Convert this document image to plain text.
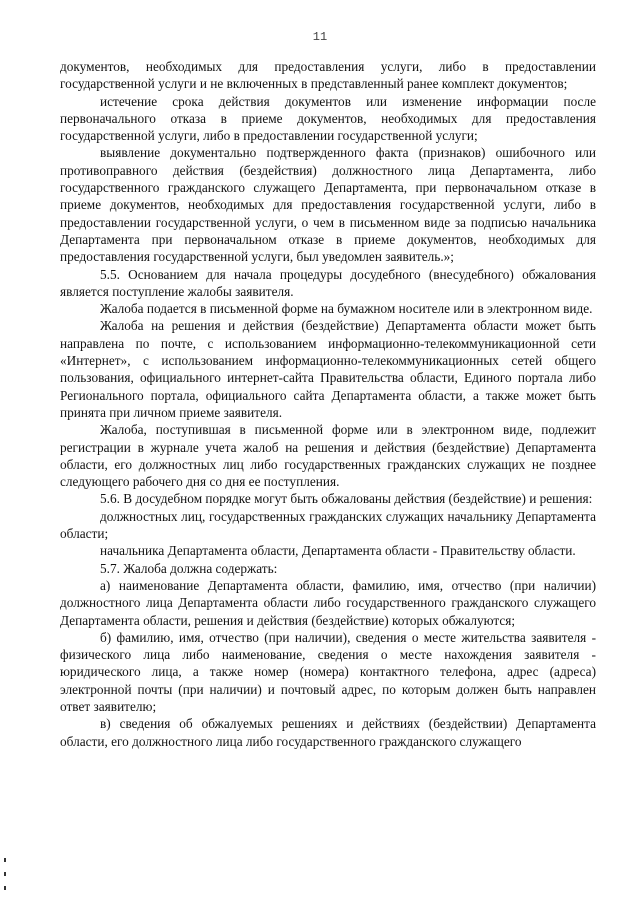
11

документов, необходимых для предоставления услуги, либо в предоставлении государственной услуги и не включенных в представленный ранее комплект документов;

истечение срока действия документов или изменение информации после первоначального отказа в приеме документов, необходимых для предоставления государственной услуги, либо в предоставлении государственной услуги;

выявление документально подтвержденного факта (признаков) ошибочного или противоправного действия (бездействия) должностного лица Департамента, либо государственного гражданского служащего Департамента, при первоначальном отказе в приеме документов, необходимых для предоставления государственной услуги, либо в предоставлении государственной услуги, о чем в письменном виде за подписью начальника Департамента при первоначальном отказе в приеме документов, необходимых для предоставления государственной услуги, был уведомлен заявитель.»;

5.5. Основанием для начала процедуры досудебного (внесудебного) обжалования является поступление жалобы заявителя.

Жалоба подается в письменной форме на бумажном носителе или в электронном виде.

Жалоба на решения и действия (бездействие) Департамента области может быть направлена по почте, с использованием информационно-телекоммуникационной сети «Интернет», с использованием информационно-телекоммуникационных сетей общего пользования, официального интернет-сайта Правительства области, Единого портала либо Регионального портала, официального сайта Департамента области, а также может быть принята при личном приеме заявителя.

Жалоба, поступившая в письменной форме или в электронном виде, подлежит регистрации в журнале учета жалоб на решения и действия (бездействие) Департамента области, его должностных лиц либо государственных гражданских служащих не позднее следующего рабочего дня со дня ее поступления.

5.6. В досудебном порядке могут быть обжалованы действия (бездействие) и решения:

должностных лиц, государственных гражданских служащих начальнику Департамента области;

начальника Департамента области, Департамента области - Правительству области.

5.7. Жалоба должна содержать:

а) наименование Департамента области, фамилию, имя, отчество (при наличии) должностного лица Департамента области либо государственного гражданского служащего Департамента области, решения и действия (бездействие) которых обжалуются;

б) фамилию, имя, отчество (при наличии), сведения о месте жительства заявителя - физического лица либо наименование, сведения о месте нахождения заявителя - юридического лица, а также номер (номера) контактного телефона, адрес (адреса) электронной почты (при наличии) и почтовый адрес, по которым должен быть направлен ответ заявителю;

в) сведения об обжалуемых решениях и действиях (бездействии) Департамента области, его должностного лица либо государственного гражданского служащего
